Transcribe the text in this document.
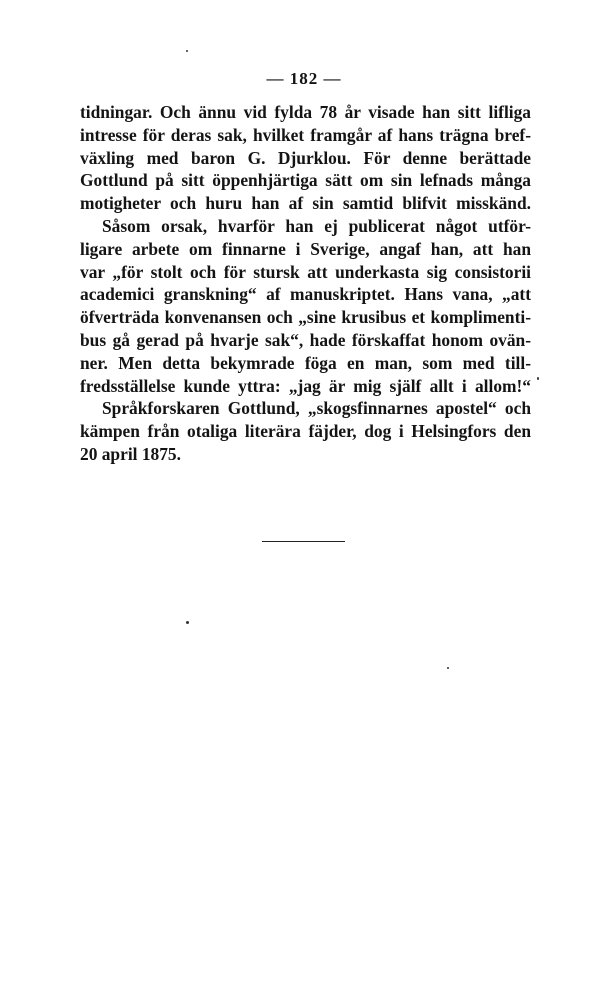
— 182 —
tidningar. Och ännu vid fylda 78 år visade han sitt lifliga
intresse för deras sak, hvilket framgår af hans trägna bref-
växling med baron G. Djurklou. För denne berättade
Gottlund på sitt öppenhjärtiga sätt om sin lefnads många
motigheter och huru han af sin samtid blifvit misskänd.
Såsom orsak, hvarför han ej publicerat något utför-
ligare arbete om finnarne i Sverige, angaf han, att han
var „för stolt och för stursk att underkasta sig consistorii
academici granskning“ af manuskriptet. Hans vana, „att
öfverträda konvenansen och „sine krusibus et komplimenti-
bus gå gerad på hvarje sak“, hade förskaffat honom ovän-
ner. Men detta bekymrade föga en man, som med till-
fredsställelse kunde yttra: „jag är mig själf allt i allom!“
Språkforskaren Gottlund, „skogsfinnarnes apostel“ och
kämpen från otaliga literära fäjder, dog i Helsingfors den
20 april 1875.
